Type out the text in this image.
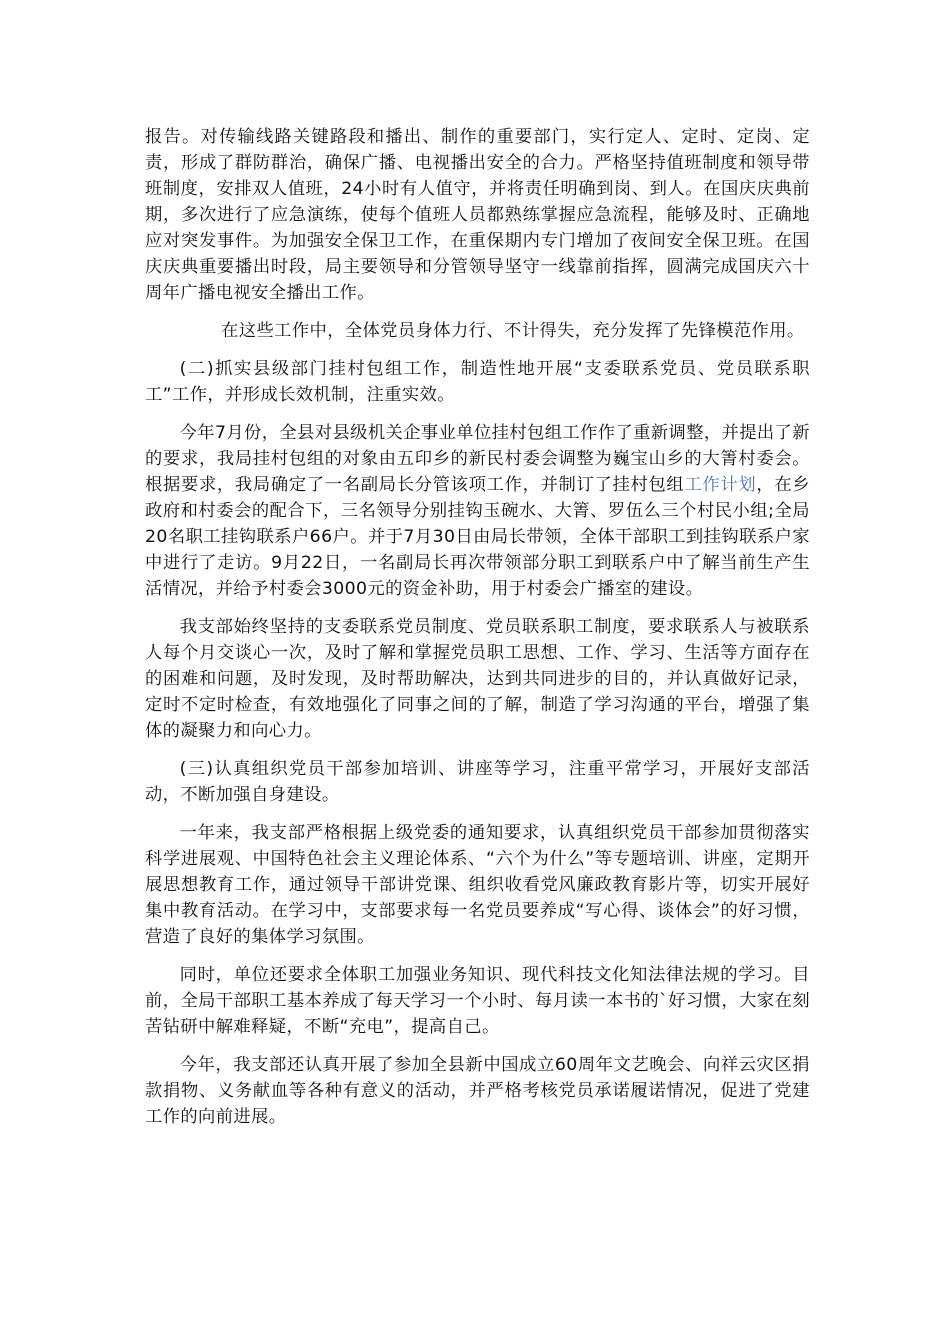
报告。对传输线路关键路段和播出、制作的重要部门，实行定人、定时、定岗、定责，形成了群防群治，确保广播、电视播出安全的合力。严格坚持值班制度和领导带班制度，安排双人值班，24小时有人值守，并将责任明确到岗、到人。在国庆庆典前期，多次进行了应急演练，使每个值班人员都熟练掌握应急流程，能够及时、正确地应对突发事件。为加强安全保卫工作，在重保期内专门增加了夜间安全保卫班。在国庆庆典重要播出时段，局主要领导和分管领导坚守一线靠前指挥，圆满完成国庆六十周年广播电视安全播出工作。

在这些工作中，全体党员身体力行、不计得失，充分发挥了先锋模范作用。

(二)抓实县级部门挂村包组工作，制造性地开展“支委联系党员、党员联系职工”工作，并形成长效机制，注重实效。

今年7月份，全县对县级机关企事业单位挂村包组工作作了重新调整，并提出了新的要求，我局挂村包组的对象由五印乡的新民村委会调整为巍宝山乡的大箐村委会。根据要求，我局确定了一名副局长分管该项工作，并制订了挂村包组工作计划，在乡政府和村委会的配合下，三名领导分别挂钩玉碗水、大箐、罗伍么三个村民小组;全局20名职工挂钩联系户66户。并于7月30日由局长带领，全体干部职工到挂钩联系户家中进行了走访。9月22日，一名副局长再次带领部分职工到联系户中了解当前生产生活情况，并给予村委会3000元的资金补助，用于村委会广播室的建设。

我支部始终坚持的支委联系党员制度、党员联系职工制度，要求联系人与被联系人每个月交谈心一次，及时了解和掌握党员职工思想、工作、学习、生活等方面存在的困难和问题，及时发现，及时帮助解决，达到共同进步的目的，并认真做好记录，定时不定时检查，有效地强化了同事之间的了解，制造了学习沟通的平台，增强了集体的凝聚力和向心力。

(三)认真组织党员干部参加培训、讲座等学习，注重平常学习，开展好支部活动，不断加强自身建设。

一年来，我支部严格根据上级党委的通知要求，认真组织党员干部参加贯彻落实科学进展观、中国特色社会主义理论体系、“六个为什么”等专题培训、讲座，定期开展思想教育工作，通过领导干部讲党课、组织收看党风廉政教育影片等，切实开展好集中教育活动。在学习中，支部要求每一名党员要养成“写心得、谈体会”的好习惯，营造了良好的集体学习氛围。

同时，单位还要求全体职工加强业务知识、现代科技文化知法律法规的学习。目前，全局干部职工基本养成了每天学习一个小时、每月读一本书的`好习惯，大家在刻苦钻研中解难释疑，不断“充电”，提高自己。

今年，我支部还认真开展了参加全县新中国成立60周年文艺晚会、向祥云灾区捐款捐物、义务献血等各种有意义的活动，并严格考核党员承诺履诺情况，促进了党建工作的向前进展。
